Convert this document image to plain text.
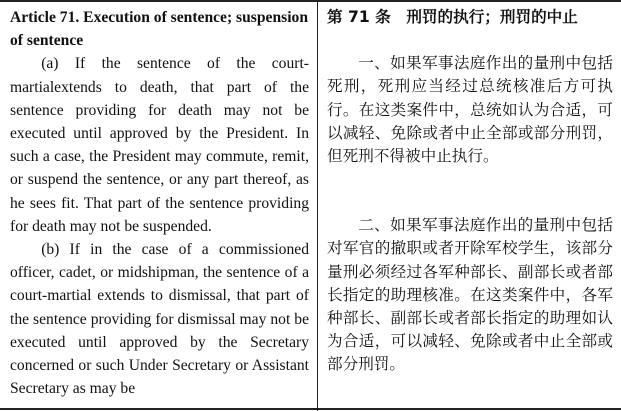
Article 71. Execution of sentence; suspension of sentence
(a) If the sentence of the court-martialextends to death, that part of the sentence providing for death may not be executed until approved by the President. In such a case, the President may commute, remit, or suspend the sentence, or any part thereof, as he sees fit. That part of the sentence providing for death may not be suspended.
(b) If in the case of a commissioned officer, cadet, or midshipman, the sentence of a court-martial extends to dismissal, that part of the sentence providing for dismissal may not be executed until approved by the Secretary concerned or such Under Secretary or Assistant Secretary as may be
第 71 条　刑罚的执行；刑罚的中止
一、如果军事法庭作出的量刑中包括死刑，死刑应当经过总统核准后方可执行。在这类案件中，总统如认为合适，可以减轻、免除或者中止全部或部分刑罚，但死刑不得被中止执行。
二、如果军事法庭作出的量刑中包括对军官的撤职或者开除军校学生，该部分量刑必须经过各军种部长、副部长或者部长指定的助理核准。在这类案件中，各军种部长、副部长或者部长指定的助理如认为合适，可以减轻、免除或者中止全部或部分刑罚。
